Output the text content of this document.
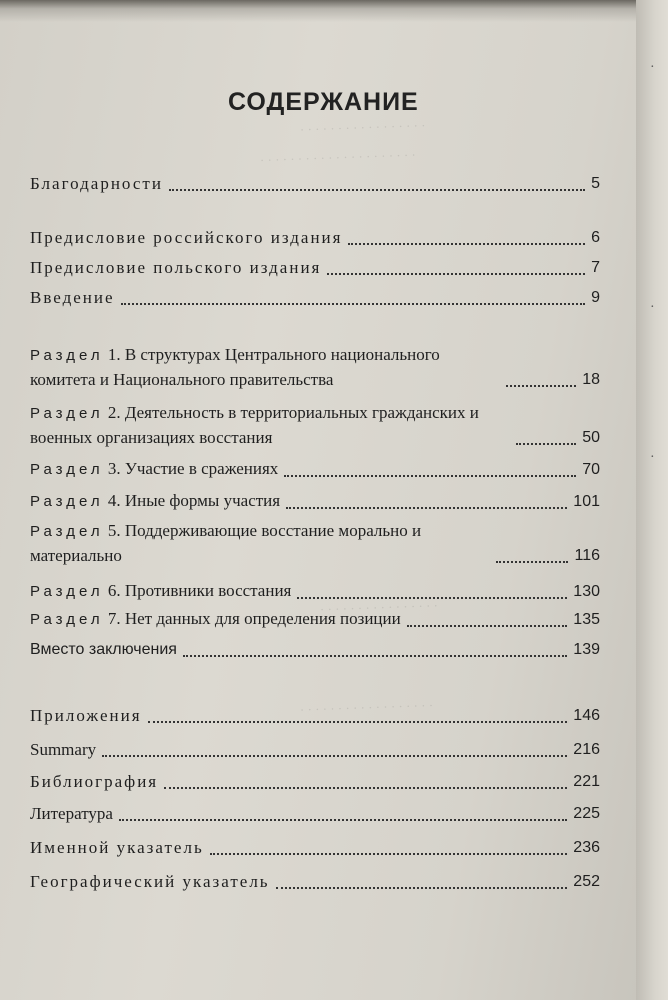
· · · · · · · · · · · · · · · · ·
· · · · · · · · · · · · · · · · · · · · ·
· · · · · · · · · · · · · · · ·
· · · · · · · · · · · · · · · · · ·
СОДЕРЖАНИЕ
Благодарности	5
Предисловие российского издания	6
Предисловие польского издания	7
Введение	9
Раздел 1. В структурах Центрального национального комитета и Национального правительства	18
Раздел 2. Деятельность в территориальных гражданских и военных организациях восстания	50
Раздел 3. Участие в сражениях	70
Раздел 4. Иные формы участия	101
Раздел 5. Поддерживающие восстание морально и материально	116
Раздел 6. Противники восстания	130
Раздел 7. Нет данных для определения позиции	135
Вместо заключения	139
Приложения	146
Summary	216
Библиография	221
Литература	225
Именной указатель	236
Географический указатель	252
·
·
·
